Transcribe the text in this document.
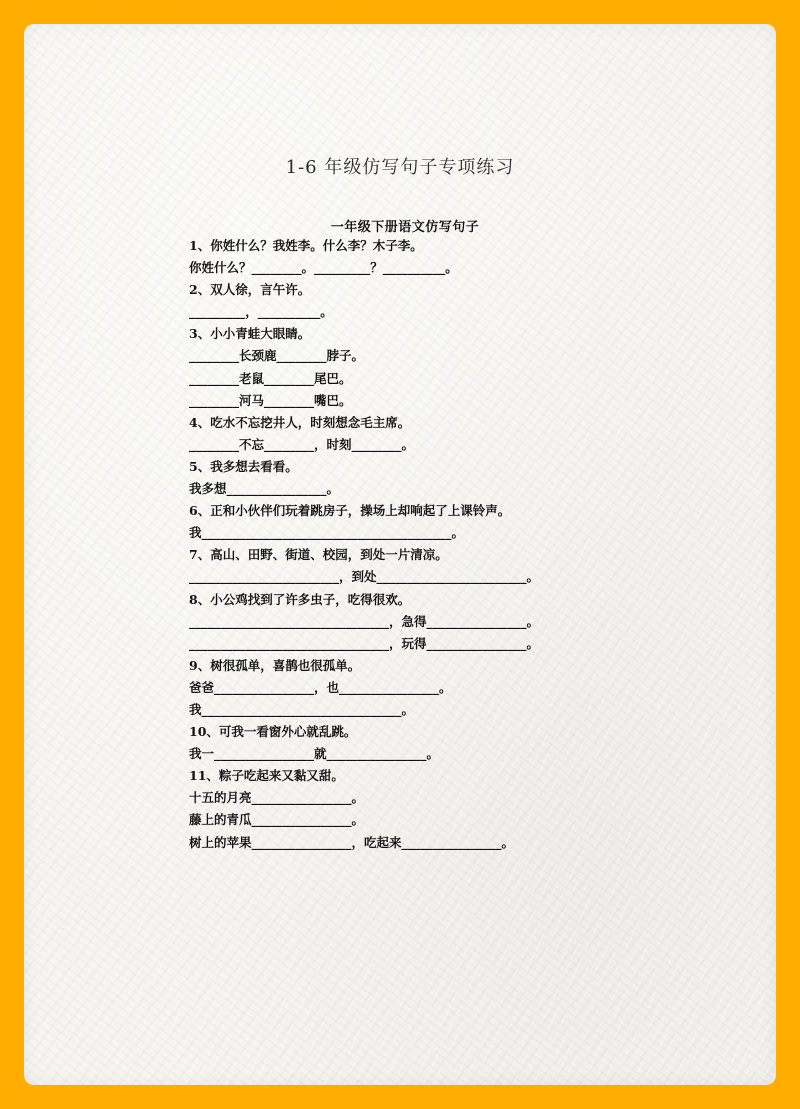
1-6 年级仿写句子专项练习
一年级下册语文仿写句子
1、你姓什么？我姓李。什么李？木子李。
你姓什么？________。_________？__________。
2、双人徐，言午许。
_________，__________。
3、小小青蛙大眼睛。
________长颈鹿________脖子。
________老鼠________尾巴。
________河马________嘴巴。
4、吃水不忘挖井人，时刻想念毛主席。
________不忘________，时刻________。
5、我多想去看看。
我多想________________。
6、正和小伙伴们玩着跳房子，操场上却响起了上课铃声。
我________________________________________。
7、高山、田野、街道、校园，到处一片清凉。
________________________，到处________________________。
8、小公鸡找到了许多虫子，吃得很欢。
________________________________，急得________________。
________________________________，玩得________________。
9、树很孤单，喜鹊也很孤单。
爸爸________________，也________________。
我________________________________。
10、可我一看窗外心就乱跳。
我一________________就________________。
11、粽子吃起来又黏又甜。
十五的月亮________________。
藤上的青瓜________________。
树上的苹果________________，吃起来________________。
